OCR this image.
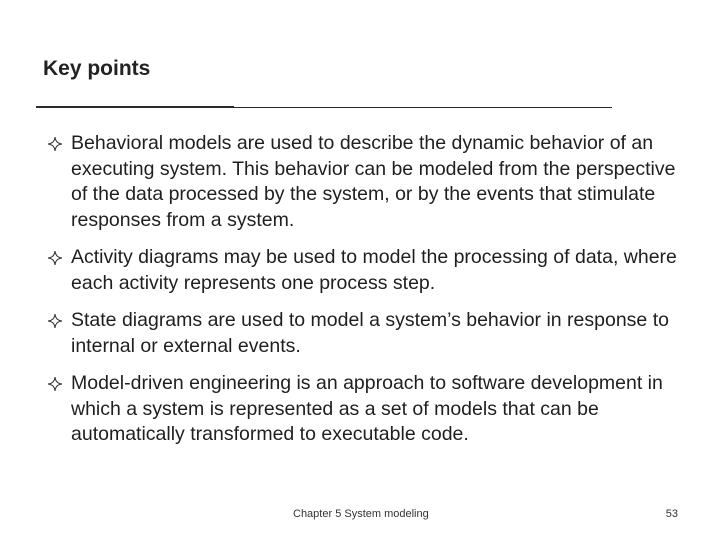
Key points
Behavioral models are used to describe the dynamic behavior of an executing system. This behavior can be modeled from the perspective of the data processed by the system, or by the events that stimulate responses from a system.
Activity diagrams may be used to model the processing of data, where each activity represents one process step.
State diagrams are used to model a system’s behavior in response to internal or external events.
Model-driven engineering is an approach to software development in which a system is represented as a set of models that can be automatically transformed to executable code.
Chapter 5 System modeling	53
